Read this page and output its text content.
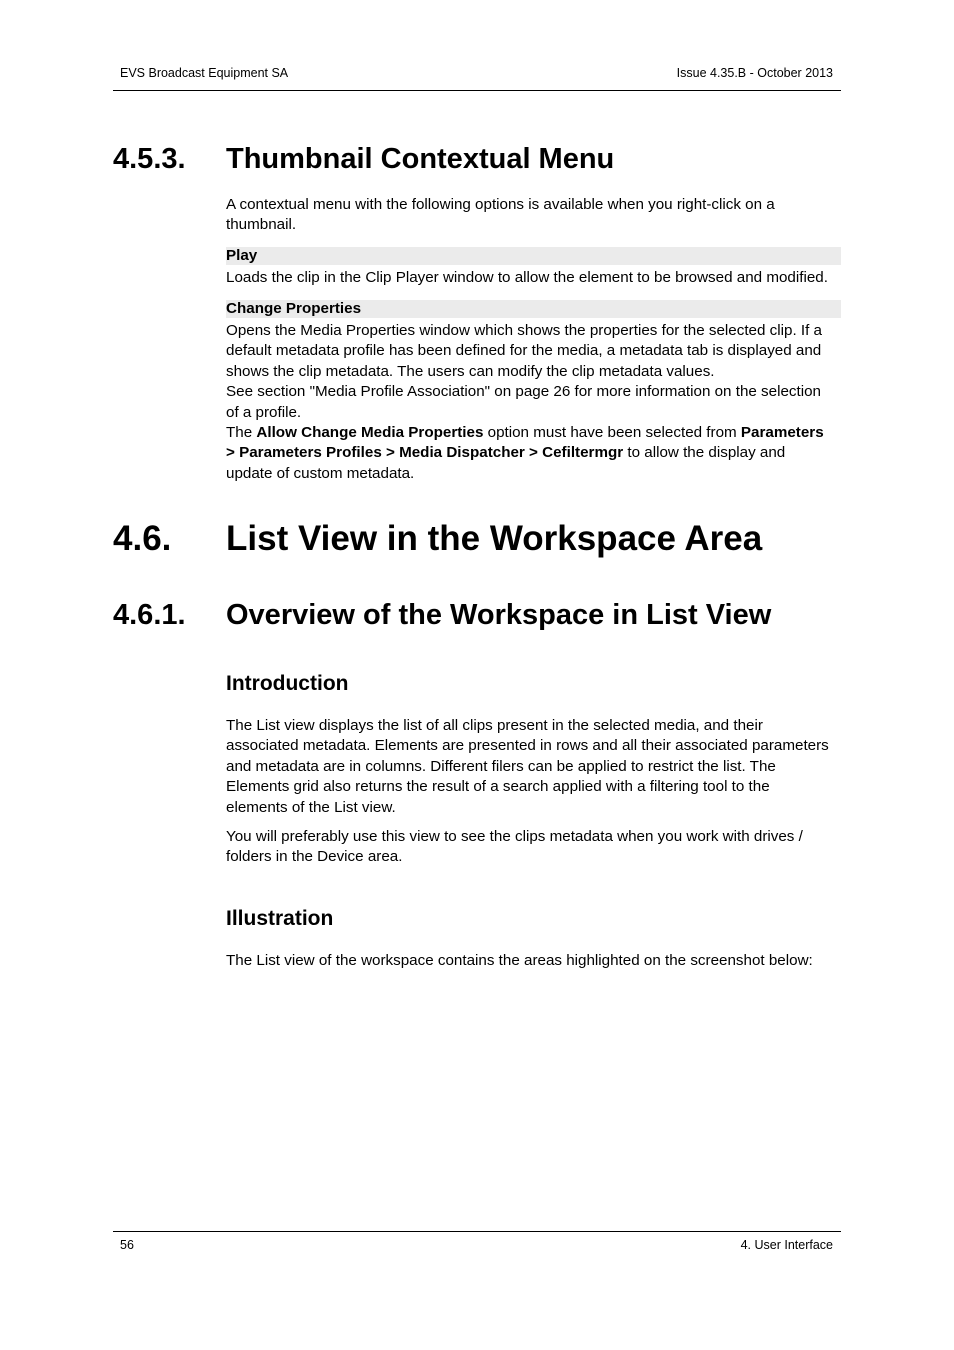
EVS Broadcast Equipment SA	Issue 4.35.B - October 2013
4.5.3. Thumbnail Contextual Menu
A contextual menu with the following options is available when you right-click on a
thumbnail.
Play
Loads the clip in the Clip Player window to allow the element to be browsed and modified.
Change Properties
Opens the Media Properties window which shows the properties for the selected clip. If a
default metadata profile has been defined for the media, a metadata tab is displayed and
shows the clip metadata. The users can modify the clip metadata values.
See section "Media Profile Association" on page 26 for more information on the selection
of a profile.
The Allow Change Media Properties option must have been selected from Parameters
> Parameters Profiles > Media Dispatcher > Cefiltermgr to allow the display and
update of custom metadata.
4.6. List View in the Workspace Area
4.6.1. Overview of the Workspace in List View
Introduction
The List view displays the list of all clips present in the selected media, and their
associated metadata. Elements are presented in rows and all their associated parameters
and metadata are in columns. Different filers can be applied to restrict the list. The
Elements grid also returns the result of a search applied with a filtering tool to the
elements of the List view.
You will preferably use this view to see the clips metadata when you work with drives /
folders in the Device area.
Illustration
The List view of the workspace contains the areas highlighted on the screenshot below:
56	4. User Interface
